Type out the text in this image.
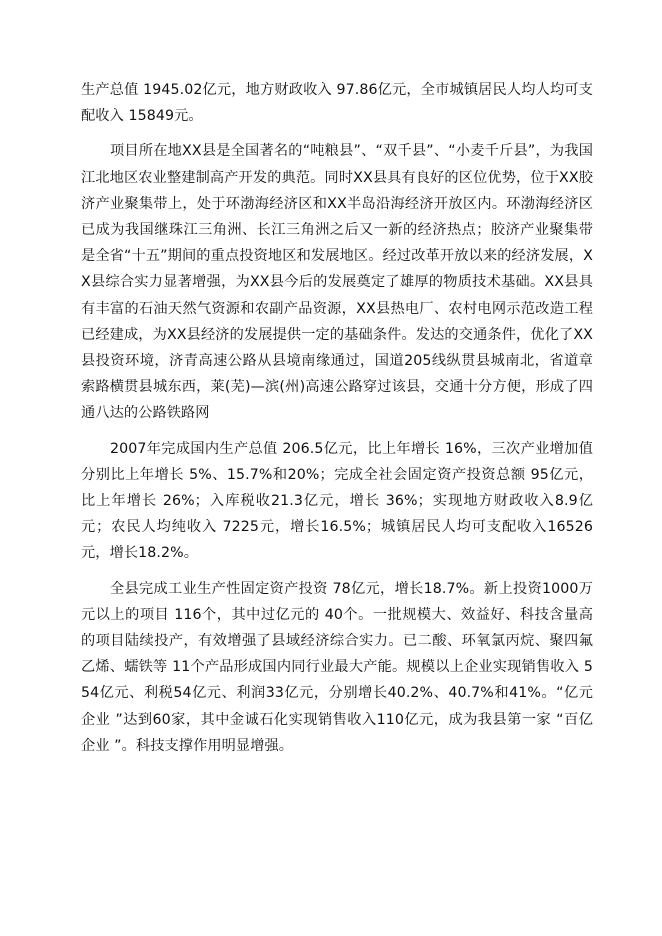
生产总值 1945.02亿元，地方财政收入 97.86亿元，全市城镇居民人均人均可支配收入 15849元。

项目所在地XX县是全国著名的“吨粮县”、“双千县”、“小麦千斤县”，为我国江北地区农业整建制高产开发的典范。同时XX县具有良好的区位优势，位于XX胶济产业聚集带上，处于环渤海经济区和XX半岛沿海经济开放区内。环渤海经济区已成为我国继珠江三角洲、长江三角洲之后又一新的经济热点；胶济产业聚集带是全省“十五”期间的重点投资地区和发展地区。经过改革开放以来的经济发展，XX县综合实力显著增强，为XX县今后的发展奠定了雄厚的物质技术基础。XX县具有丰富的石油天然气资源和农副产品资源，XX县热电厂、农村电网示范改造工程已经建成，为XX县经济的发展提供一定的基础条件。发达的交通条件，优化了XX县投资环境，济青高速公路从县境南缘通过，国道205线纵贯县城南北，省道章索路横贯县城东西，莱(芜)—滨(州)高速公路穿过该县，交通十分方便，形成了四通八达的公路铁路网

2007年完成国内生产总值 206.5亿元，比上年增长 16%，三次产业增加值分别比上年增长 5%、15.7%和20%；完成全社会固定资产投资总额 95亿元，比上年增长 26%；入库税收21.3亿元，增长 36%；实现地方财政收入8.9亿元；农民人均纯收入 7225元，增长16.5%；城镇居民人均可支配收入16526元，增长18.2%。

全县完成工业生产性固定资产投资 78亿元，增长18.7%。新上投资1000万元以上的项目 116个，其中过亿元的 40个。一批规模大、效益好、科技含量高的项目陆续投产，有效增强了县域经济综合实力。已二酸、环氧氯丙烷、聚四氟乙烯、蠕铁等 11个产品形成国内同行业最大产能。规模以上企业实现销售收入 554亿元、利税54亿元、利润33亿元，分别增长40.2%、40.7%和41%。“亿元企业 ”达到60家，其中金诚石化实现销售收入110亿元，成为我县第一家 “百亿企业 ”。科技支撑作用明显增强。
